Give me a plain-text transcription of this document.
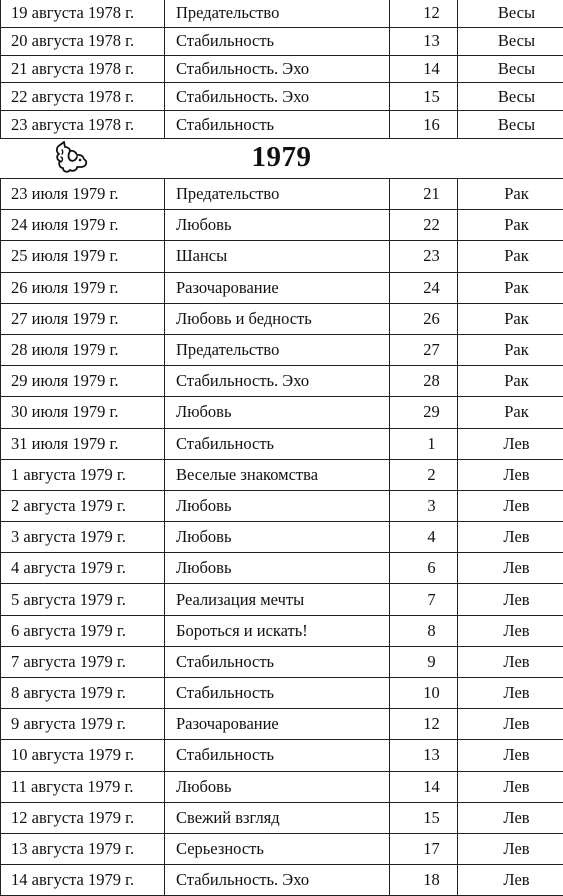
19 августа 1978 г.	Предательство	12	Весы
20 августа 1978 г.	Стабильность	13	Весы
21 августа 1978 г.	Стабильность. Эхо	14	Весы
22 августа 1978 г.	Стабильность. Эхо	15	Весы
23 августа 1978 г.	Стабильность	16	Весы
1979
23 июля 1979 г.	Предательство	21	Рак
24 июля 1979 г.	Любовь	22	Рак
25 июля 1979 г.	Шансы	23	Рак
26 июля 1979 г.	Разочарование	24	Рак
27 июля 1979 г.	Любовь и бедность	26	Рак
28 июля 1979 г.	Предательство	27	Рак
29 июля 1979 г.	Стабильность. Эхо	28	Рак
30 июля 1979 г.	Любовь	29	Рак
31 июля 1979 г.	Стабильность	1	Лев
1 августа 1979 г.	Веселые знакомства	2	Лев
2 августа 1979 г.	Любовь	3	Лев
3 августа 1979 г.	Любовь	4	Лев
4 августа 1979 г.	Любовь	6	Лев
5 августа 1979 г.	Реализация мечты	7	Лев
6 августа 1979 г.	Бороться и искать!	8	Лев
7 августа 1979 г.	Стабильность	9	Лев
8 августа 1979 г.	Стабильность	10	Лев
9 августа 1979 г.	Разочарование	12	Лев
10 августа 1979 г.	Стабильность	13	Лев
11 августа 1979 г.	Любовь	14	Лев
12 августа 1979 г.	Свежий взгляд	15	Лев
13 августа 1979 г.	Серьезность	17	Лев
14 августа 1979 г.	Стабильность. Эхо	18	Лев
